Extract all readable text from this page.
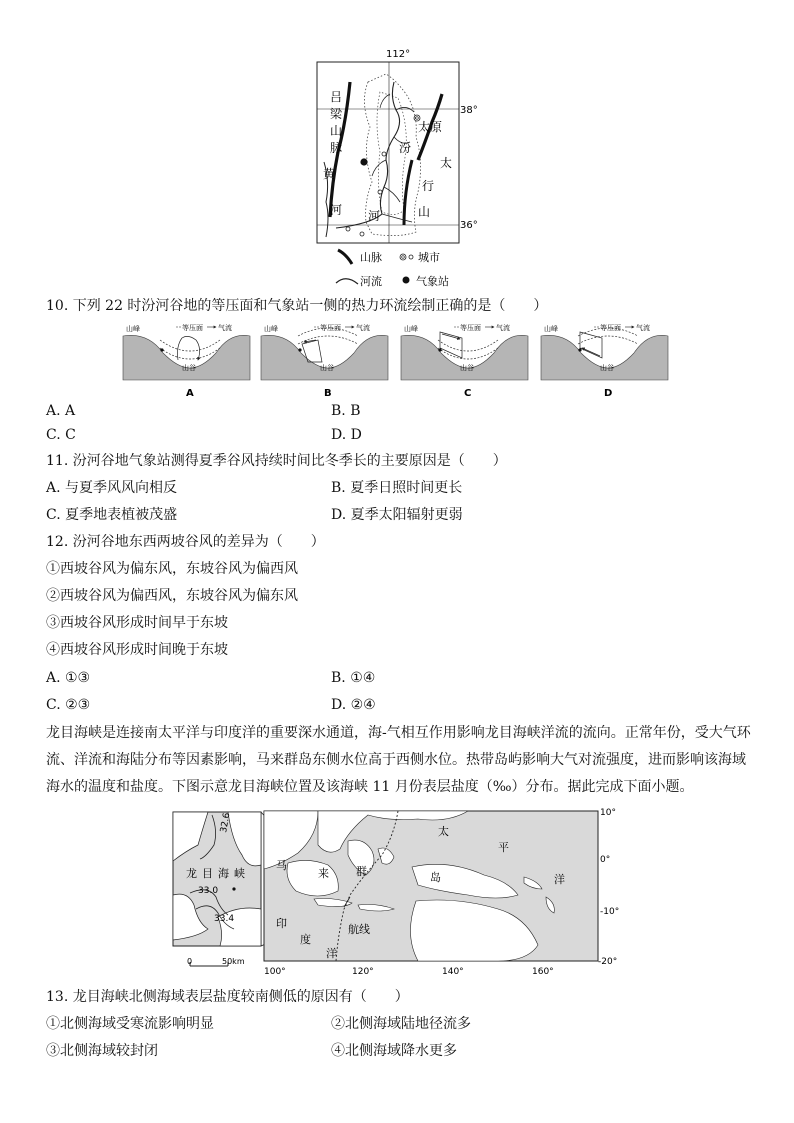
112°
38°
36°
吕
梁
山
脉
太原
汾
河
黄
河
太
行
山
山脉	城市
河流	气象站
10. 下列 22 时汾河谷地的等压面和气象站一侧的热力环流绘制正确的是（　　）
山峰	等压面 气流
山谷
山峰	等压面 气流
山谷
山峰	等压面 气流
山谷
山峰	等压面 气流
山谷
A	B	C	D
A. A	B. B
C. C	D. D
11. 汾河谷地气象站测得夏季谷风持续时间比冬季长的主要原因是（　　）
A. 与夏季风风向相反	B. 夏季日照时间更长
C. 夏季地表植被茂盛	D. 夏季太阳辐射更弱
12. 汾河谷地东西两坡谷风的差异为（　　）
①西坡谷风为偏东风，东坡谷风为偏西风
②西坡谷风为偏西风，东坡谷风为偏东风
③西坡谷风形成时间早于东坡
④西坡谷风形成时间晚于东坡
A. ①③	B. ①④
C. ②③	D. ②④
龙目海峡是连接南太平洋与印度洋的重要深水通道，海-气相互作用影响龙目海峡洋流的流向。正常年份，受大气环
流、洋流和海陆分布等因素影响，马来群岛东侧水位高于西侧水位。热带岛屿影响大气对流强度，进而影响该海域
海水的温度和盐度。下图示意龙目海峡位置及该海峡 11 月份表层盐度（‰）分布。据此完成下面小题。
32.6
33.0
33.4
龙 目 海 峡
0	50km
10°
0°
-10°
-20°
100°	120°	140°	160°
马
来 群	岛
太
平
洋
印
度
洋
航线
13. 龙目海峡北侧海域表层盐度较南侧低的原因有（　　）
①北侧海域受寒流影响明显	②北侧海域陆地径流多
③北侧海域较封闭	④北侧海域降水更多
